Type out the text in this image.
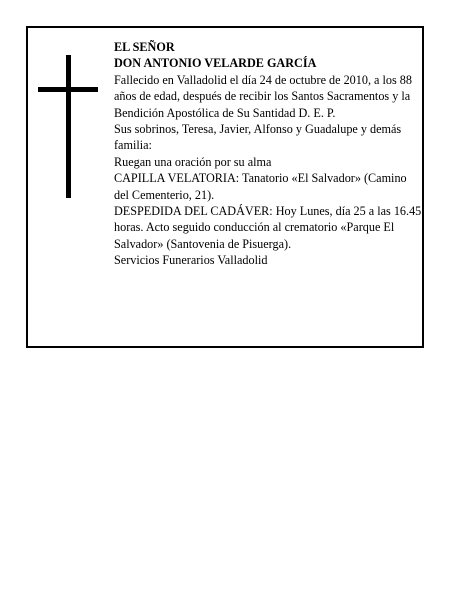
EL SEÑOR

DON ANTONIO VELARDE GARCÍA

Fallecido en Valladolid el día 24 de octubre de 2010, a los 88 años de edad, después de recibir los Santos Sacramentos y la Bendición Apostólica de Su Santidad D. E. P.

Sus sobrinos, Teresa, Javier, Alfonso y Guadalupe y demás familia:

Ruegan una oración por su alma

CAPILLA VELATORIA: Tanatorio «El Salvador» (Camino del Cementerio, 21).

DESPEDIDA DEL CADÁVER: Hoy Lunes, día 25 a las 16.45 horas. Acto seguido conducción al crematorio «Parque El Salvador» (Santovenia de Pisuerga).

Servicios Funerarios Valladolid
